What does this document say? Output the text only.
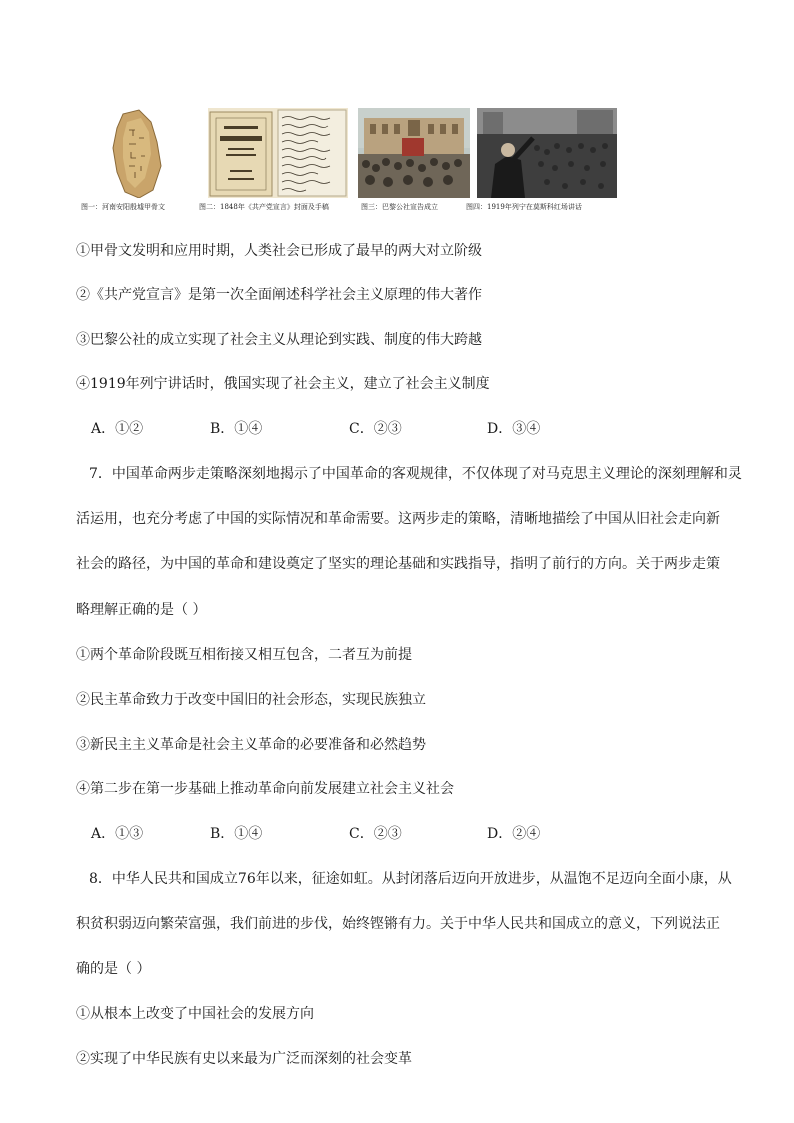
图一：河南安阳殷墟甲骨文	图二：1848年《共产党宣言》封面及手稿	图三：巴黎公社宣告成立	图四：1919年列宁在莫斯科红场讲话
①甲骨文发明和应用时期，人类社会已形成了最早的两大对立阶级
②《共产党宣言》是第一次全面阐述科学社会主义原理的伟大著作
③巴黎公社的成立实现了社会主义从理论到实践、制度的伟大跨越
④1919年列宁讲话时，俄国实现了社会主义，建立了社会主义制度
A．①②	B．①④	C．②③	D．③④
7．中国革命两步走策略深刻地揭示了中国革命的客观规律，不仅体现了对马克思主义理论的深刻理解和灵
活运用，也充分考虑了中国的实际情况和革命需要。这两步走的策略，清晰地描绘了中国从旧社会走向新
社会的路径，为中国的革命和建设奠定了坚实的理论基础和实践指导，指明了前行的方向。关于两步走策
略理解正确的是（ ）
①两个革命阶段既互相衔接又相互包含，二者互为前提
A．①③	B．①④	C．②③	D．②④
8．中华人民共和国成立76年以来，征途如虹。从封闭落后迈向开放进步，从温饱不足迈向全面小康，从
积贫积弱迈向繁荣富强，我们前进的步伐，始终铿锵有力。关于中华人民共和国成立的意义，下列说法正
确的是（ ）
②民主革命致力于改变中国旧的社会形态，实现民族独立
③新民主主义革命是社会主义革命的必要准备和必然趋势
④第二步在第一步基础上推动革命向前发展建立社会主义社会
①从根本上改变了中国社会的发展方向
②实现了中华民族有史以来最为广泛而深刻的社会变革
